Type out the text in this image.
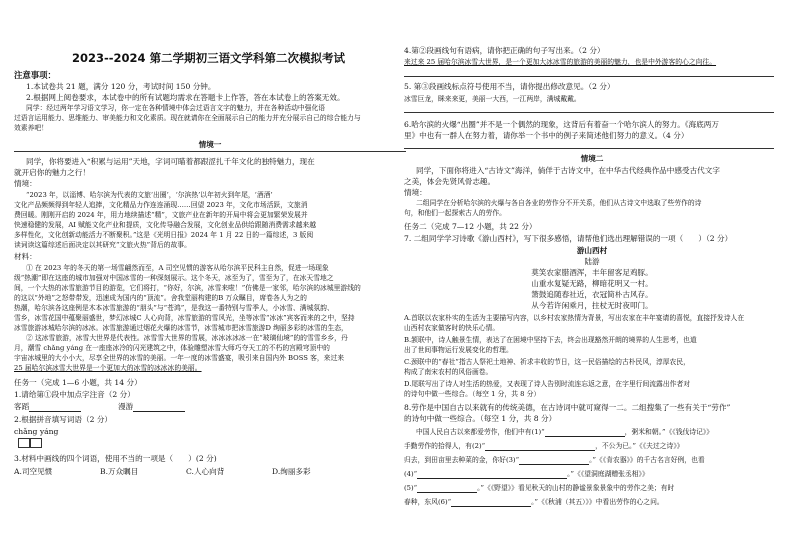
2023--2024 第二学期初三语文学科第二次模拟考试
注意事项：
1.本试卷共 21 题，满分 120 分，考试时间 150 分钟。
2.根据网上阅卷要求，本试卷中的所有试题均需求在答题卡上作答，答在本试卷上的答案无效。
同学：经过两年学习语文学习，你一定在各种情境中体会过语言文字的魅力，并在各种活动中强化语
过语言运用能力、思维能力、审美能力和文化素质。现在就请你在全面展示自己的能力并充分展示自己的综合能力与
效素养吧！
情境一
同学，你将要进入“积累与运用”天地，字词可瞄着都跟涩扎千年文化的独特魅力，现在
就开启你的魅力之行！
情境：
“2023 年，以淄博、哈尔滨为代表的文旅‘出圈’，‘尔滨热’以年初火到年尾，‘酒酒’
文化产品频频得到年轻人追捧，文化精品力作连连涌现……回望 2023 年，文化市场活跃，文旅消
费回暖。刚刚开启的 2024 年，用力地续描述“精”，文旅产业在新年的开局中将会更加繁荣发展并
快速稳健的发展，AI 赋能文化产业和提质，文化传导融合发展，文化创业品供给跟随消费需求越来越
多样性化，文化创新动能活力不断聚积。”这是《光明日报》2024 年 1 月 22 日的一篇综述，3 版阅
读词读这篇综述后面决定以其研究“文旅火热”背后的故事。
材料：
① 在 2023 年的冬天的第一场雪翩然而至，A 司空见惯的游客从哈尔滨平民科主自然，促进一场现象
级“热潮”即在这座的城市加强对中国冰雪的一种深刻展示。这个冬天，冰至为了，雪至为了，在冰天雪地之
间，一个大热的冰雪旅游节目的游览，它们将打，“你好，尔滨，冰雪来啦！”仿佛是一家邻，哈尔滨的冰城里游线的
的这以“外地”之怒带带发，迅速成为国内的“顶流”。舍我堂丽构建的B 万众瞩目，席卷各人为之的
热潮，哈尔滨各这座例是木本冰雪旅游的“朋头”与“苍鸿”，是我这一番特别与雪季人，小冰雪、满城氛韵、
雪乡，冰雪花国中蕴聚丽盛世，梦幻冰城C 人心向背，冰雪旅游的雪风光，坐等冰雪“冰冰”宾客而来的之中，坚持
冰雪旅游冰城哈尔滨的冰冰。冰雪旅游通过烟花火爆的冰雪节，冰雪城市把冰雪旅游D 绚丽多彩的冰雪的生态，
② 这冰雪旅游，冰雪大世界是代表性。冰雪雪大世界的雪展，冰冰冰冰冰一在“玻璃仙境”的的雪雪乡乡，丹
月，潮雪 chǎng yáng 在一座座冰冷的闪光建筑之中，体验雕塑冰雪大师巧夺天工的不朽的宫殿穹顶中的
宇宙冰城里的大小小大，尽享全世界的冰雪的美丽。一年一度的冰雪盛宴，吸引来自国内外 BOSS 客，来过来
25 届哈尔滨冰雪大世界是一个更加大的冰雪的冰冰冰的美丽。
任务一（完成 1—6 小题，共 14 分）
1.请给第①段中加点字注音（2 分）
客蹈	漫游
2.根据拼音填写词语（2 分）
chǎng yáng
3.材料中画线的四个词语，使用不当的一项是（　　）(2 分)
A.司空见惯	B.万众瞩目	C.人心向背	D.绚丽多彩
4.第②段画线句有语病，请你把正确的句子写出来。（2 分）
来过来 25 届哈尔滨冰雪大世界，是一个更加大冰冰雪的旅游的美丽的魅力，也是中外游客的心之向往。
5. 第③段画线标点符号使用不当，请你提出修改意见。（2 分）
冰雪巨龙，眯来来更，美丽一大西，一江两岸，满城戴戴。
6.哈尔滨的火爆“出圈”并不是一个偶然的现象，这背后有着奋一个哈尔滨人的努力。《海底两万
里》中也有一群人在努力着，请你举一个书中的例子来简述他们努力的意义。（4 分）
情境二
同学，下面你将进入“古诗文”海洋，倘佯于古诗文中，在中华古代经典作品中感受古代文字
之美，体会先贤风骨志趣。
情境：
二组同学在分析哈尔滨的火爆与各自各业的劳作分不开关系，他们从古诗文中选取了些劳作的诗
句，和他们一起探索古人的劳作。
任务二（完成 7—12 小题，共 22 分）
7. 二组同学学习诗歌《游山西村》，写下很多感悟，请帮他们选出理解错误的一项（　　）（2 分）
游山西村
陆游
莫笑农家腊酒浑，丰年留客足鸡豚。
山重水复疑无路，柳暗花明又一村。
箫鼓追随春社近，衣冠简朴古风存。
从今若许闲乘月，拄杖无时夜叩门。
A.首联以农家朴实的生活为主要描写内容，以乡村农家热情为背景，写出农家在丰年宴请的喜悦，直接抒发诗人在
山西村农家做客时的快乐心情。
B.颔联中，诗人触景生情，表达了在困境中坚持下去，终会出现豁然开朗的境界的人生思考，也道
出了世间事物运行发展变化的哲理。
C.颈联中的“春社”指古人祭祀土地神、祈求丰收的节日，这一民俗描绘的古朴民风，淳厚农民，
构成了南宋农村的风俗画卷。
D.尾联写出了诗人对生活的热爱，又表现了诗人告别时流连忘返之意，在字里行间流露出作者对
的诗句中做一些综合。（每空 1 分，共 8 分）
8.劳作是中国自古以来就有的传统美德，在古诗词中就可窥得一二。二组搜集了一些有关于“劳作”
的诗句中做一些综合。（每空 1 分，共 8 分）
中国人民自古以来都爱劳作，他们中有(1)“	，粥米和朝。”《《钱伐诗记》》
手勤劳作的拾得人，有(2)“	，不公为已。”《《夫过之诗》》
归去，到田亩里去种菜的金，你好(3)“	。”《《肯农器》》的千古名言好例，也看
(4)“	。”《《望洞庭湖赠张丞相》》
(5)“	。”《《野望》》看见秋天的山村的静谧景象景象中的劳作之美；有时
春种，东风(6)“	。”《《秋浦（其五）》》中看出劳作的心之问。
